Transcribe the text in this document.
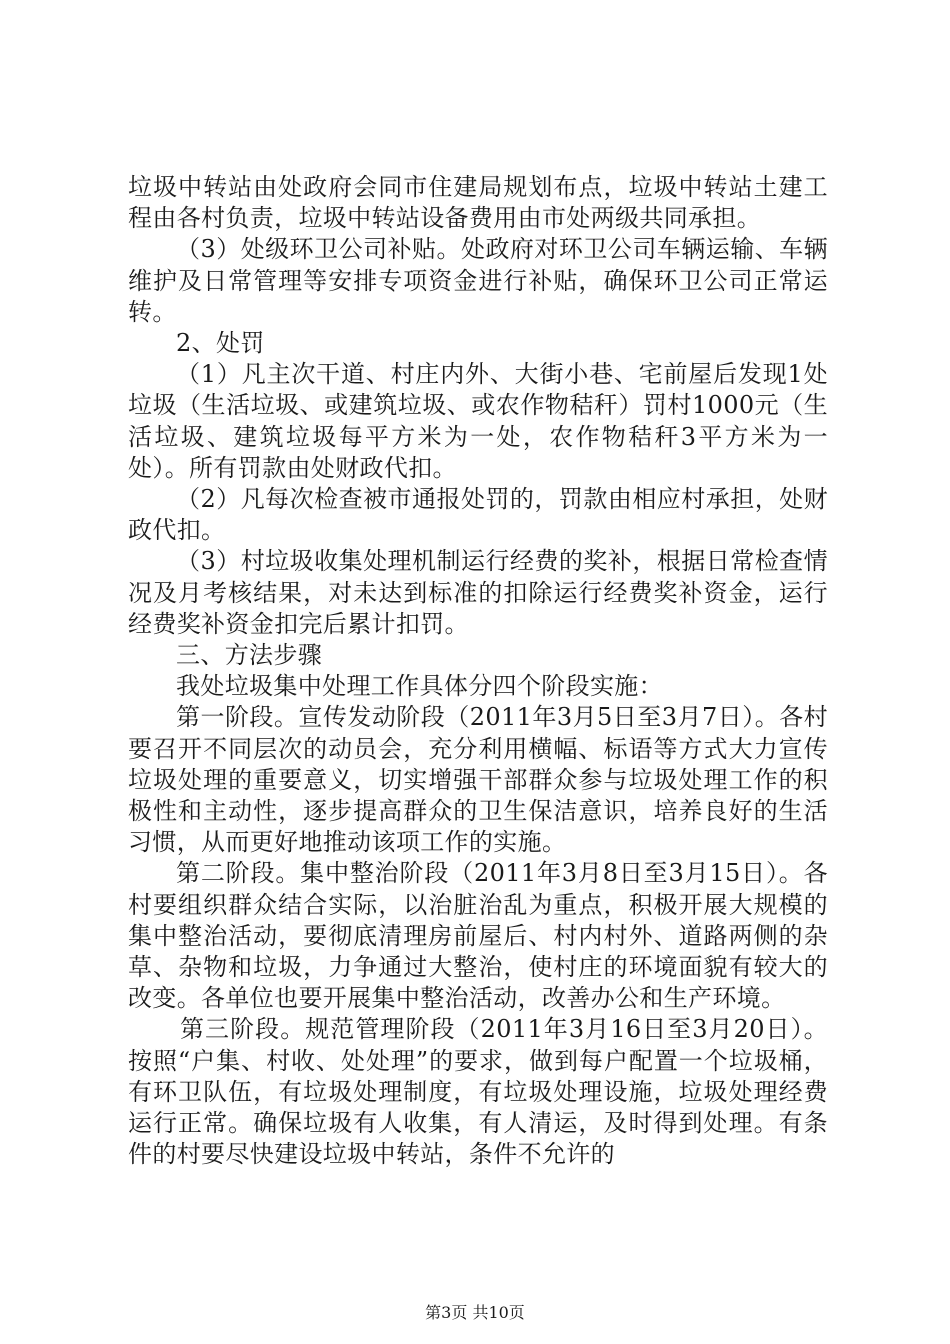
垃圾中转站由处政府会同市住建局规划布点，垃圾中转站土建工程由各村负责，垃圾中转站设备费用由市处两级共同承担。

（3）处级环卫公司补贴。处政府对环卫公司车辆运输、车辆维护及日常管理等安排专项资金进行补贴，确保环卫公司正常运转。

2、处罚

（1）凡主次干道、村庄内外、大街小巷、宅前屋后发现1处垃圾（生活垃圾、或建筑垃圾、或农作物秸秆）罚村1000元（生活垃圾、建筑垃圾每平方米为一处，农作物秸秆3平方米为一处）。所有罚款由处财政代扣。

（2）凡每次检查被市通报处罚的，罚款由相应村承担，处财政代扣。

（3）村垃圾收集处理机制运行经费的奖补，根据日常检查情况及月考核结果，对未达到标准的扣除运行经费奖补资金，运行经费奖补资金扣完后累计扣罚。

三、方法步骤

我处垃圾集中处理工作具体分四个阶段实施：

第一阶段。宣传发动阶段（2011年3月5日至3月7日）。各村要召开不同层次的动员会，充分利用横幅、标语等方式大力宣传垃圾处理的重要意义，切实增强干部群众参与垃圾处理工作的积极性和主动性，逐步提高群众的卫生保洁意识，培养良好的生活习惯，从而更好地推动该项工作的实施。

第二阶段。集中整治阶段（2011年3月8日至3月15日）。各村要组织群众结合实际，以治脏治乱为重点，积极开展大规模的集中整治活动，要彻底清理房前屋后、村内村外、道路两侧的杂草、杂物和垃圾，力争通过大整治，使村庄的环境面貌有较大的改变。各单位也要开展集中整治活动，改善办公和生产环境。

第三阶段。规范管理阶段（2011年3月16日至3月20日）。按照“户集、村收、处处理”的要求，做到每户配置一个垃圾桶，有环卫队伍，有垃圾处理制度，有垃圾处理设施，垃圾处理经费运行正常。确保垃圾有人收集，有人清运，及时得到处理。有条件的村要尽快建设垃圾中转站，条件不允许的

第3页 共10页
